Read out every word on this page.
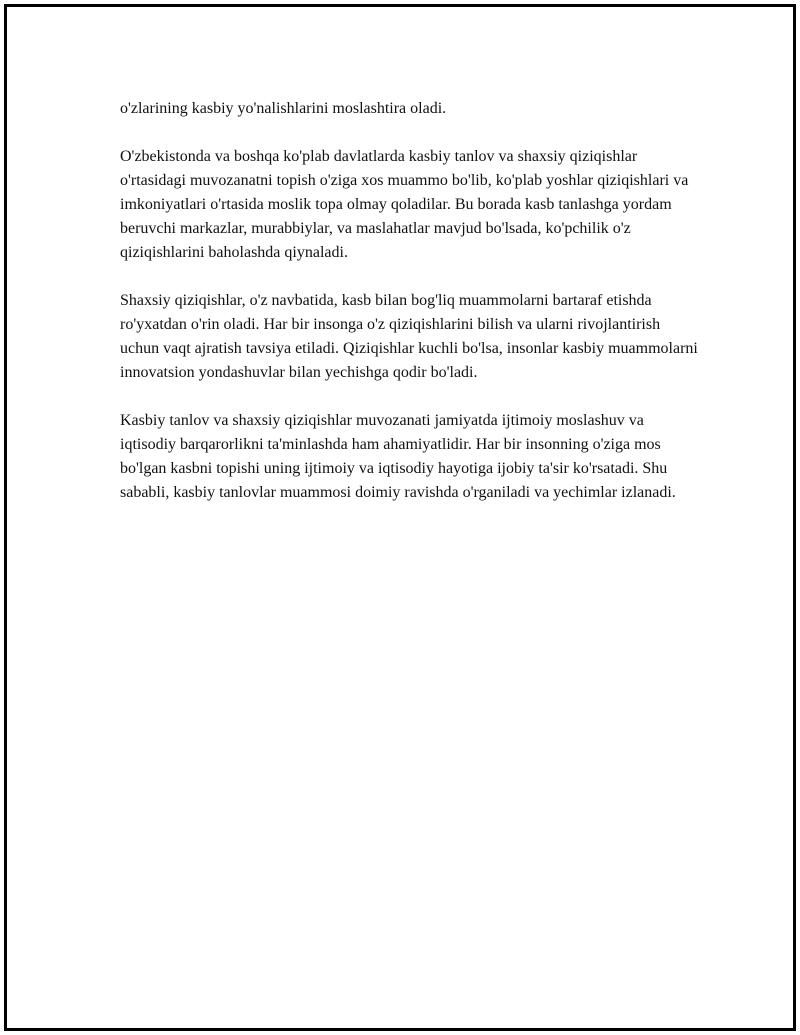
o'zlarining kasbiy yo'nalishlarini moslashtira oladi.

O'zbekistonda va boshqa ko'plab davlatlarda kasbiy tanlov va shaxsiy qiziqishlar o'rtasidagi muvozanatni topish o'ziga xos muammo bo'lib, ko'plab yoshlar qiziqishlari va imkoniyatlari o'rtasida moslik topa olmay qoladilar. Bu borada kasb tanlashga yordam beruvchi markazlar, murabbiylar, va maslahatlar mavjud bo'lsada, ko'pchilik o'z qiziqishlarini baholashda qiynaladi.

Shaxsiy qiziqishlar, o'z navbatida, kasb bilan bog'liq muammolarni bartaraf etishda ro'yxatdan o'rin oladi. Har bir insonga o'z qiziqishlarini bilish va ularni rivojlantirish uchun vaqt ajratish tavsiya etiladi. Qiziqishlar kuchli bo'lsa, insonlar kasbiy muammolarni innovatsion yondashuvlar bilan yechishga qodir bo'ladi.

Kasbiy tanlov va shaxsiy qiziqishlar muvozanati jamiyatda ijtimoiy moslashuv va iqtisodiy barqarorlikni ta'minlashda ham ahamiyatlidir. Har bir insonning o'ziga mos bo'lgan kasbni topishi uning ijtimoiy va iqtisodiy hayotiga ijobiy ta'sir ko'rsatadi. Shu sababli, kasbiy tanlovlar muammosi doimiy ravishda o'rganiladi va yechimlar izlanadi.
